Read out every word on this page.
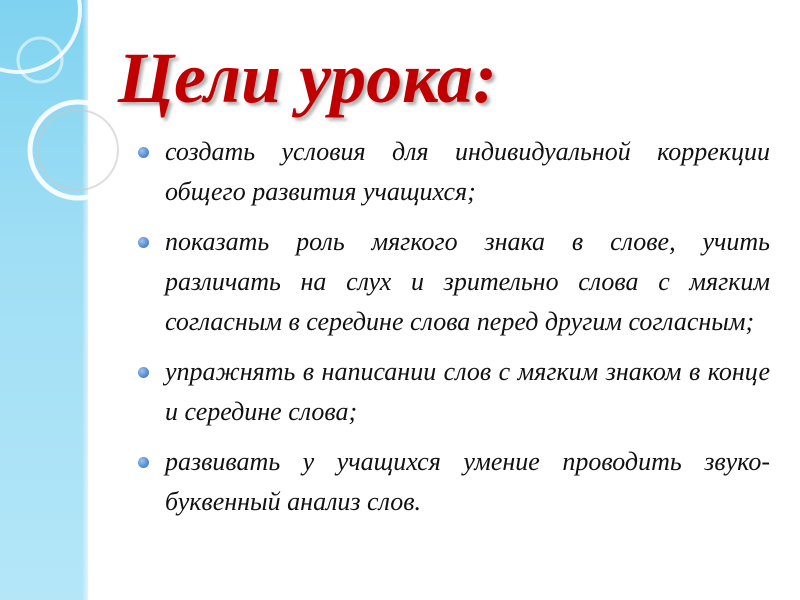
Цели урока:
создать условия для индивидуальной коррекции общего развития учащихся;
показать роль мягкого знака в слове, учить различать на слух и зрительно слова с мягким согласным в середине слова перед другим согласным;
упражнять в написании слов с мягким знаком в конце и середине слова;
развивать у учащихся умение проводить звуко-буквенный анализ слов.
